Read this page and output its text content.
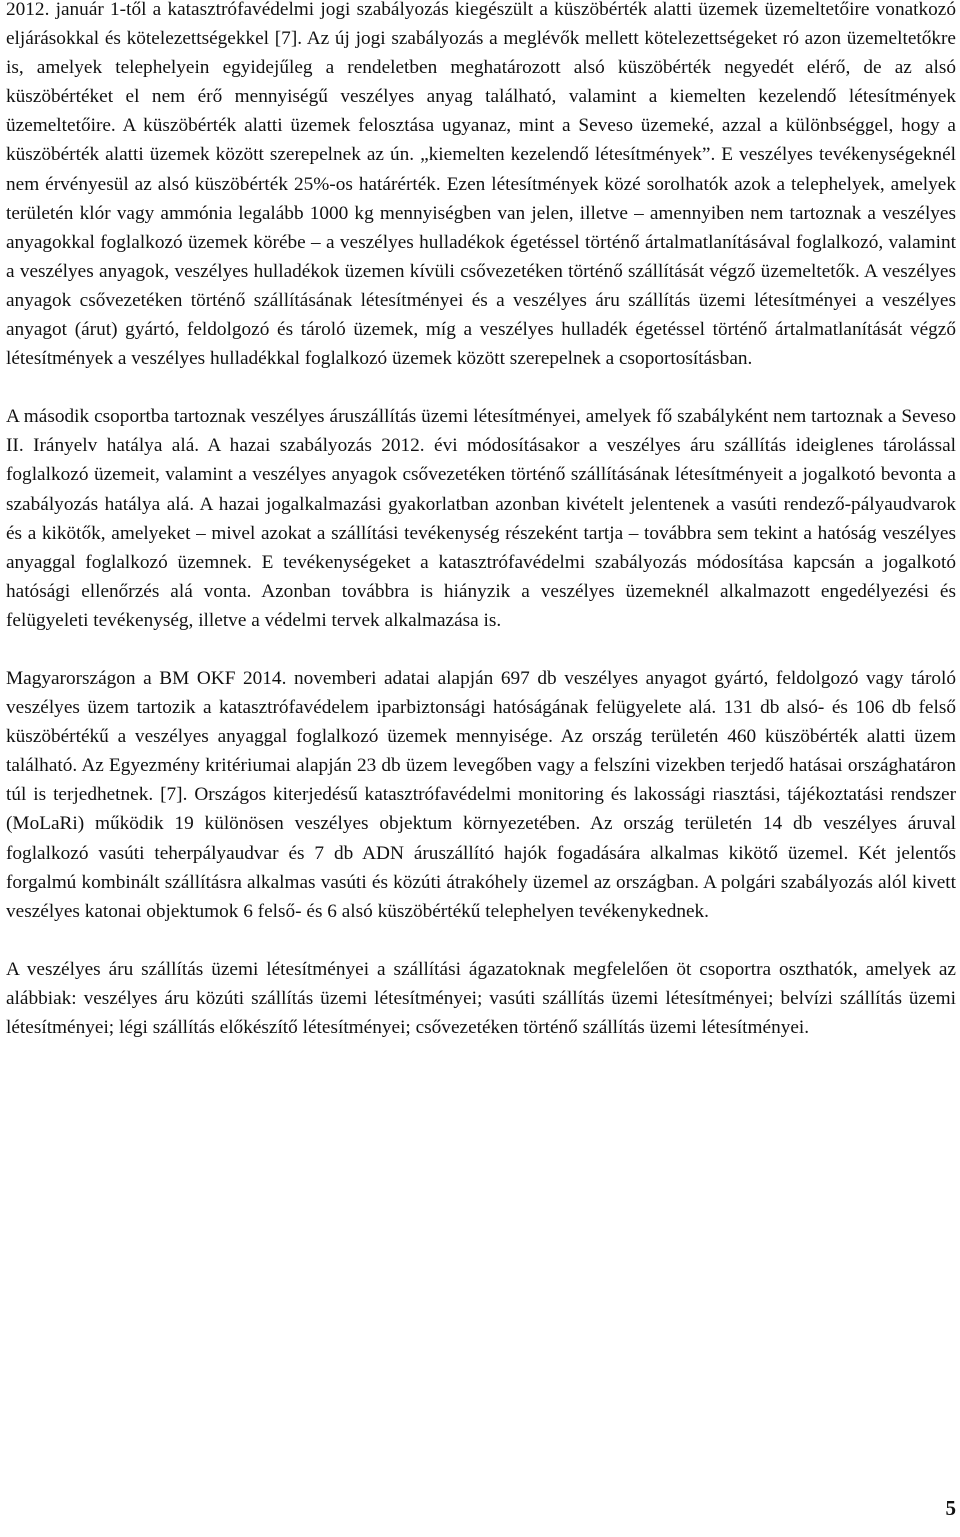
2012. január 1-től a katasztrófavédelmi jogi szabályozás kiegészült a küszöbérték alatti üzemek üzemeltetőire vonatkozó eljárásokkal és kötelezettségekkel [7]. Az új jogi szabályozás a meglévők mellett kötelezettségeket ró azon üzemeltetőkre is, amelyek telephelyein egyidejűleg a rendeletben meghatározott alsó küszöbérték negyedét elérő, de az alsó küszöbértéket el nem érő mennyiségű veszélyes anyag található, valamint a kiemelten kezelendő létesítmények üzemeltetőire. A küszöbérték alatti üzemek felosztása ugyanaz, mint a Seveso üzemeké, azzal a különbséggel, hogy a küszöbérték alatti üzemek között szerepelnek az ún. „kiemelten kezelendő létesítmények”. E veszélyes tevékenységeknél nem érvényesül az alsó küszöbérték 25%-os határérték. Ezen létesítmények közé sorolhatók azok a telephelyek, amelyek területén klór vagy ammónia legalább 1000 kg mennyiségben van jelen, illetve – amennyiben nem tartoznak a veszélyes anyagokkal foglalkozó üzemek körébe – a veszélyes hulladékok égetéssel történő ártalmatlanításával foglalkozó, valamint a veszélyes anyagok, veszélyes hulladékok üzemen kívüli csővezetéken történő szállítását végző üzemeltetők. A veszélyes anyagok csővezetéken történő szállításának létesítményei és a veszélyes áru szállítás üzemi létesítményei a veszélyes anyagot (árut) gyártó, feldolgozó és tároló üzemek, míg a veszélyes hulladék égetéssel történő ártalmatlanítását végző létesítmények a veszélyes hulladékkal foglalkozó üzemek között szerepelnek a csoportosításban.

A második csoportba tartoznak veszélyes áruszállítás üzemi létesítményei, amelyek fő szabályként nem tartoznak a Seveso II. Irányelv hatálya alá. A hazai szabályozás 2012. évi módosításakor a veszélyes áru szállítás ideiglenes tárolással foglalkozó üzemeit, valamint a veszélyes anyagok csővezetéken történő szállításának létesítményeit a jogalkotó bevonta a szabályozás hatálya alá. A hazai jogalkalmazási gyakorlatban azonban kivételt jelentenek a vasúti rendező-pályaudvarok és a kikötők, amelyeket – mivel azokat a szállítási tevékenység részeként tartja – továbbra sem tekint a hatóság veszélyes anyaggal foglalkozó üzemnek. E tevékenységeket a katasztrófavédelmi szabályozás módosítása kapcsán a jogalkotó hatósági ellenőrzés alá vonta. Azonban továbbra is hiányzik a veszélyes üzemeknél alkalmazott engedélyezési és felügyeleti tevékenység, illetve a védelmi tervek alkalmazása is.

Magyarországon a BM OKF 2014. novemberi adatai alapján 697 db veszélyes anyagot gyártó, feldolgozó vagy tároló veszélyes üzem tartozik a katasztrófavédelem iparbiztonsági hatóságának felügyelete alá. 131 db alsó- és 106 db felső küszöbértékű a veszélyes anyaggal foglalkozó üzemek mennyisége. Az ország területén 460 küszöbérték alatti üzem található. Az Egyezmény kritériumai alapján 23 db üzem levegőben vagy a felszíni vizekben terjedő hatásai országhatáron túl is terjedhetnek. [7]. Országos kiterjedésű katasztrófavédelmi monitoring és lakossági riasztási, tájékoztatási rendszer (MoLaRi) működik 19 különösen veszélyes objektum környezetében. Az ország területén 14 db veszélyes áruval foglalkozó vasúti teherpályaudvar és 7 db ADN áruszállító hajók fogadására alkalmas kikötő üzemel. Két jelentős forgalmú kombinált szállításra alkalmas vasúti és közúti átrakóhely üzemel az országban. A polgári szabályozás alól kivett veszélyes katonai objektumok 6 felső- és 6 alsó küszöbértékű telephelyen tevékenykednek.

A veszélyes áru szállítás üzemi létesítményei a szállítási ágazatoknak megfelelően öt csoportra oszthatók, amelyek az alábbiak: veszélyes áru közúti szállítás üzemi létesítményei; vasúti szállítás üzemi létesítményei; belvízi szállítás üzemi létesítményei; légi szállítás előkészítő létesítményei; csővezetéken történő szállítás üzemi létesítményei.

5
